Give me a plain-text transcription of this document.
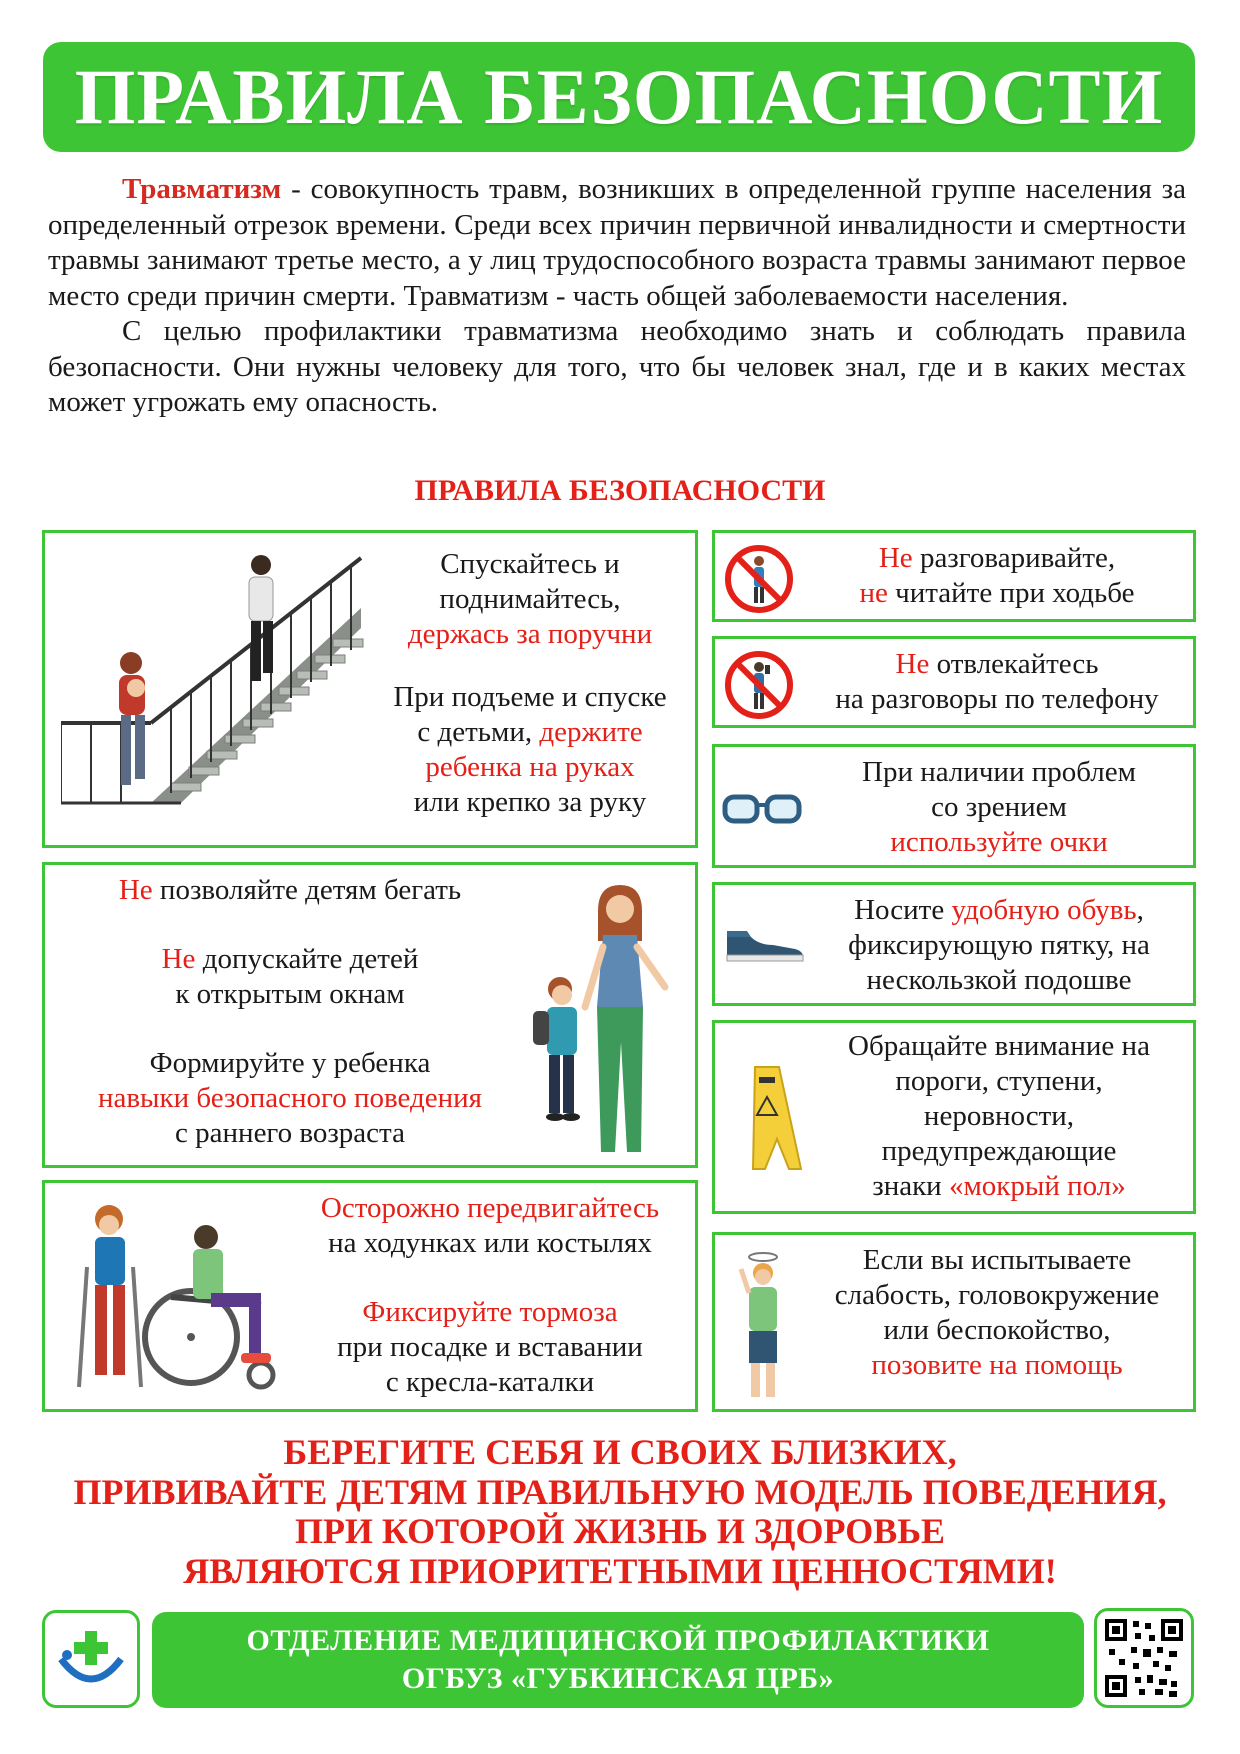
ПРАВИЛА БЕЗОПАСНОСТИ

Травматизм - совокупность травм, возникших в определенной группе населения за определенный отрезок времени. Среди всех причин первичной инвалидности и смертности травмы занимают третье место, а у лиц трудоспособного возраста травмы занимают первое место среди причин смерти. Травматизм - часть общей заболеваемости населения.

С целью профилактики травматизма необходимо знать и соблюдать правила безопасности. Они нужны человеку для того, что бы человек знал, где и в каких местах может угрожать ему опасность.

ПРАВИЛА БЕЗОПАСНОСТИ

Спускайтесь и

поднимайтесь,

держась за поручни

При подъеме и спуске

с детьми, держите

ребенка на руках

или крепко за руку

Не позволяйте детям бегать

Не допускайте детей

к открытым окнам

Формируйте у ребенка

навыки безопасного поведения

с раннего возраста

Осторожно передвигайтесь

на ходунках или костылях

Фиксируйте тормоза

при посадке и вставании

с кресла-каталки

Не разговаривайте,

не читайте при ходьбе

Не отвлекайтесь

на разговоры по телефону

При наличии проблем

со зрением

используйте очки

Носите удобную обувь,

фиксирующую пятку, на

нескользкой подошве

Обращайте внимание на

пороги, ступени,

неровности,

предупреждающие

знаки «мокрый пол»

Если вы испытываете

слабость, головокружение

или беспокойство,

позовите на помощь

БЕРЕГИТЕ СЕБЯ И СВОИХ БЛИЗКИХ,

ПРИВИВАЙТЕ ДЕТЯМ ПРАВИЛЬНУЮ МОДЕЛЬ ПОВЕДЕНИЯ,

ПРИ КОТОРОЙ ЖИЗНЬ И ЗДОРОВЬЕ

ЯВЛЯЮТСЯ ПРИОРИТЕТНЫМИ ЦЕННОСТЯМИ!

ОТДЕЛЕНИЕ МЕДИЦИНСКОЙ ПРОФИЛАКТИКИ
ОГБУЗ «ГУБКИНСКАЯ ЦРБ»
